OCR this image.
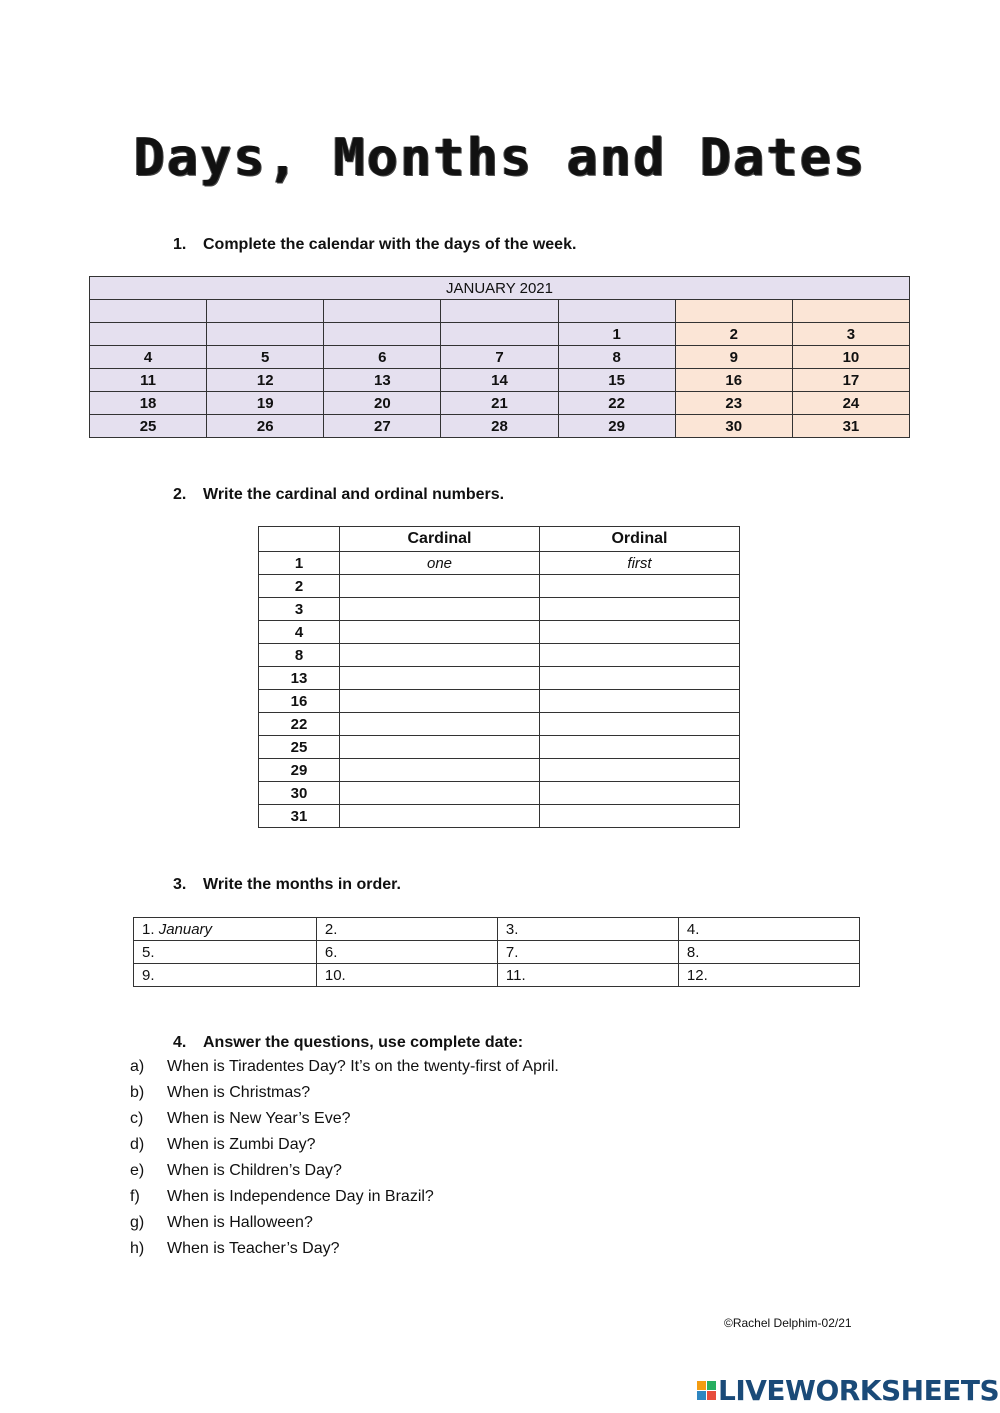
Days, Months and Dates
1. Complete the calendar with the days of the week.
JANUARY 2021						

				1	2	3
4	5	6	7	8	9	10
11	12	13	14	15	16	17
18	19	20	21	22	23	24
25	26	27	28	29	30	31
2. Write the cardinal and ordinal numbers.
	Cardinal	Ordinal
1	one	first
2		
3		
4		
8		
13		
16		
22		
25		
29		
30		
31		
3. Write the months in order.
1. January	2.	3.	4.
5.	6.	7.	8.
9.	10.	11.	12.
4. Answer the questions, use complete date:
a)	When is Tiradentes Day? It’s on the twenty-first of April.
b)	When is Christmas?
c)	When is New Year’s Eve?
d)	When is Zumbi Day?
e)	When is Children’s Day?
f)	When is Independence Day in Brazil?
g)	When is Halloween?
h)	When is Teacher’s Day?
©Rachel Delphim-02/21
LIVEWORKSHEETS
